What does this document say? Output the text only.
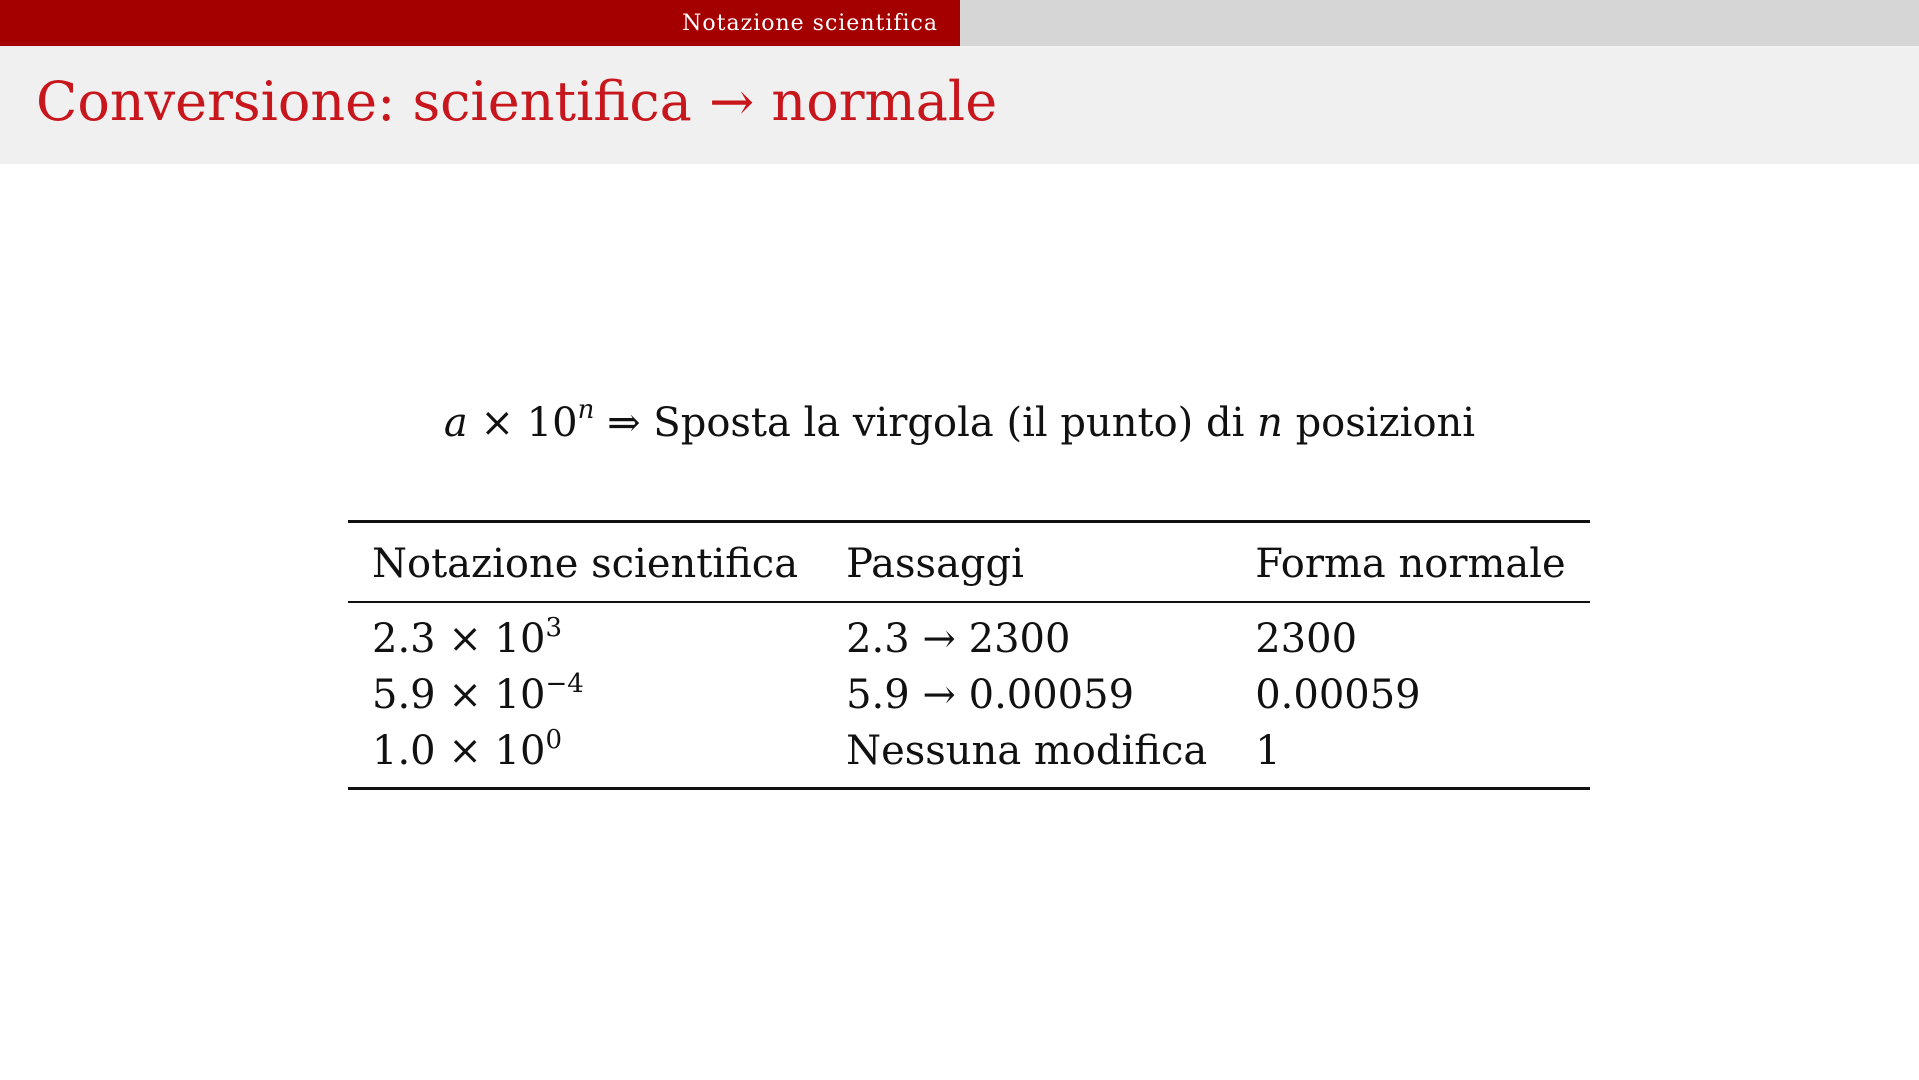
Notazione scientifica
Conversione: scientifica → normale
$a \times 10^n$ ⇒ Sposta la virgola (il punto) di n posizioni
Notazione scientifica	Passaggi	Forma normale
$2.3 \times 10^3$	2.3 → 2300	2300
$5.9 \times 10^{-4}$	5.9 → 0.00059	0.00059
$1.0 \times 10^0$	Nessuna modifica	1
